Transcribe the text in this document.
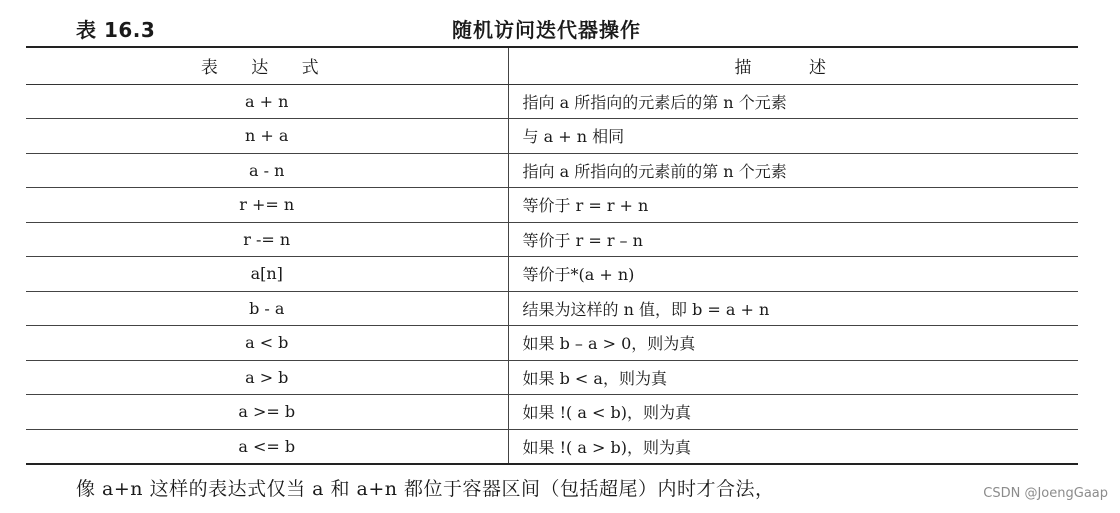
表 16.3	随机访问迭代器操作
表 达 式	描 述
a + n	指向 a 所指向的元素后的第 n 个元素
n + a	与 a + n 相同
a - n	指向 a 所指向的元素前的第 n 个元素
r += n	等价于 r = r + n
r -= n	等价于 r = r – n
a[n]	等价于*(a + n)
b - a	结果为这样的 n 值，即 b = a + n
a < b	如果 b – a > 0，则为真
a > b	如果 b < a，则为真
a >= b	如果 !( a < b)，则为真
a <= b	如果 !( a > b)，则为真
像 a+n 这样的表达式仅当 a 和 a+n 都位于容器区间（包括超尾）内时才合法，	CSDN @JoengGaap
